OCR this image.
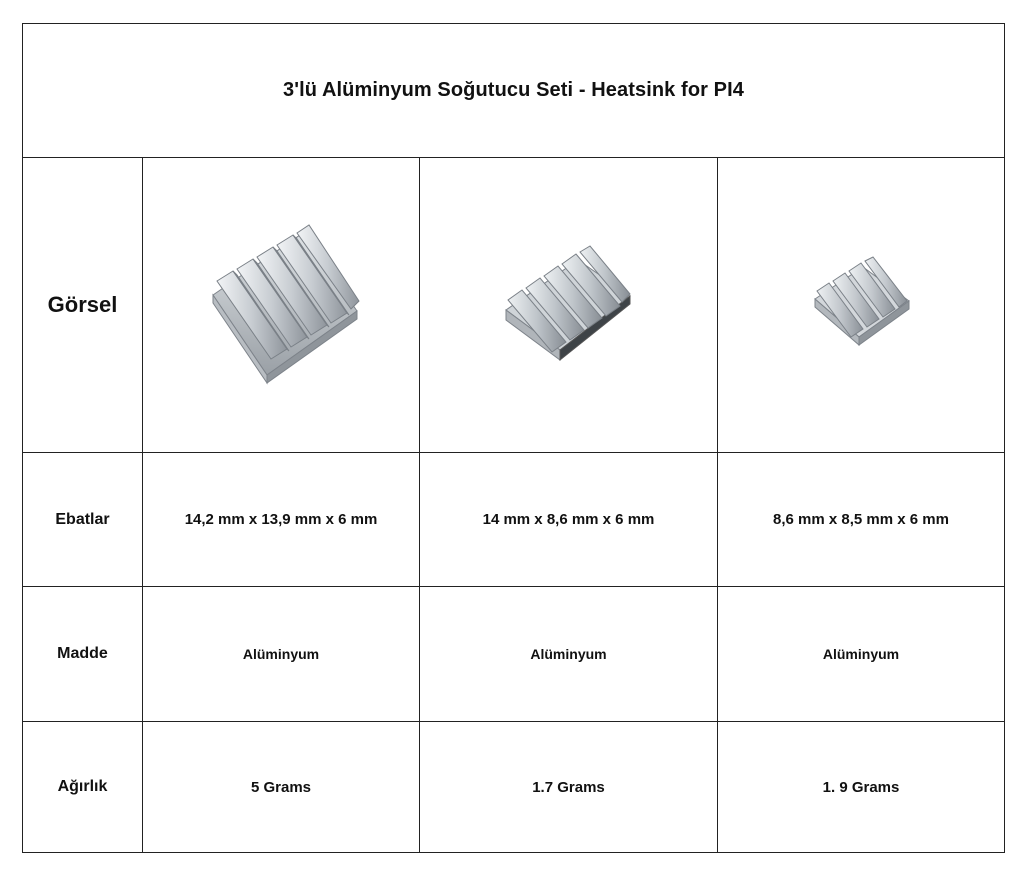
3'lü Alüminyum Soğutucu Seti - Heatsink for PI4
Görsel
Ebatlar	14,2 mm x 13,9 mm x 6 mm	14 mm x 8,6 mm x 6 mm	8,6 mm x 8,5 mm x 6 mm
Madde	Alüminyum	Alüminyum	Alüminyum
Ağırlık	5 Grams	1.7 Grams	1. 9 Grams
